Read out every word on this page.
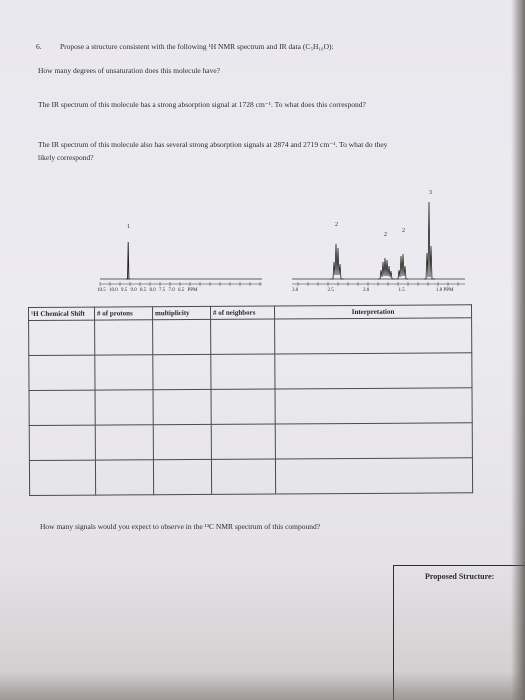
6. Propose a structure consistent with the following ¹H NMR spectrum and IR data (C₅H₁₀O):
How many degrees of unsaturation does this molecule have?
The IR spectrum of this molecule has a strong absorption signal at 1728 cm⁻¹. To what does this correspond?
The IR spectrum of this molecule also has several strong absorption signals at 2874 and 2719 cm⁻¹. To what do they
likely correspond?
10.5 10.0 9.5 9.0 8.5 8.0 7.5 7.0 6.5 PPM	3.0	2.5	2.0	1.5	1.0 PPM
1	2
2
2
3
¹H Chemical Shift	# of protons	multiplicity	# of neighbors	Interpretation

How many signals would you expect to observe in the ¹³C NMR spectrum of this compound?
Proposed Structure:
